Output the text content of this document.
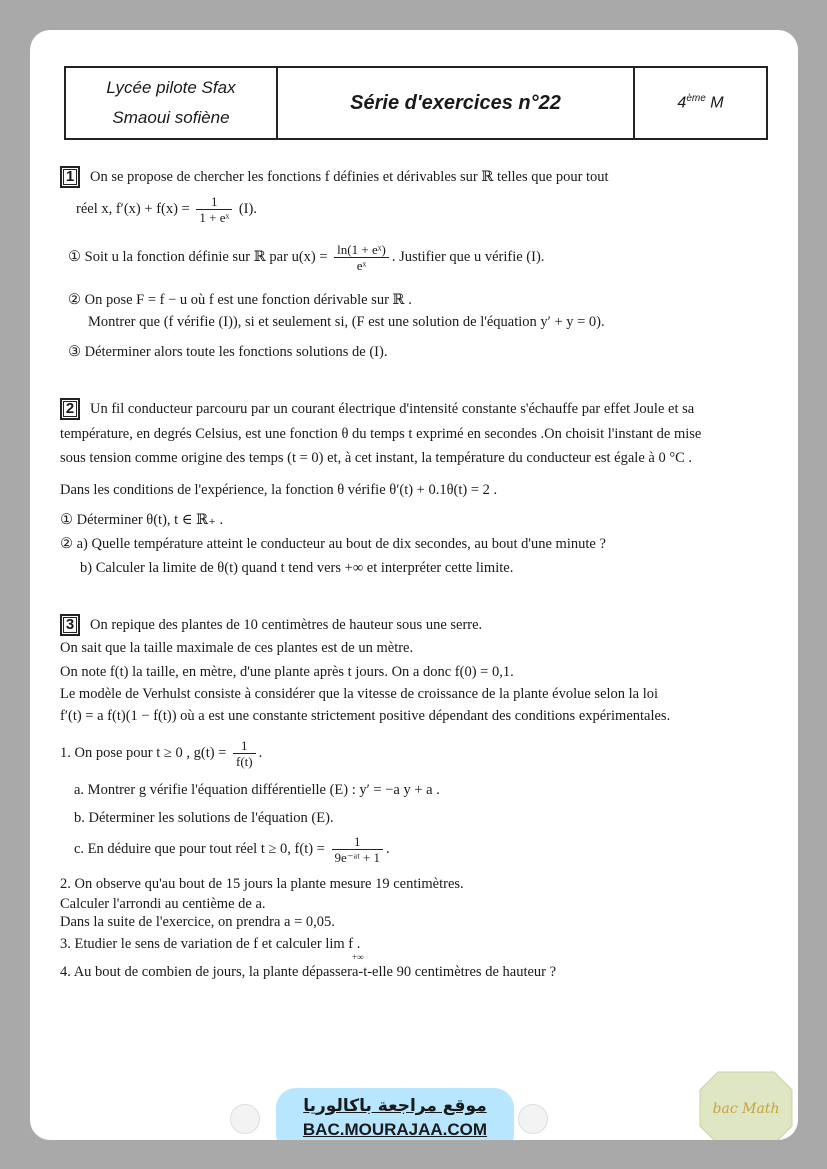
Lycée pilote Sfax
Smaoui sofiène
Série d'exercices n°22	4ème M
1 On se propose de chercher les fonctions f définies et dérivables sur ℝ telles que pour tout
réel x, $f'(x) + f(x) = \frac{1}{\text{1 + eˣ}} (I)$.
① Soit u la fonction définie sur ℝ par $u(x) = \frac{\text{ln(1 + eˣ)}}{\text{eˣ}}$ . Justifier que u vérifie (I).
② On pose F = f − u où f est une fonction dérivable sur ℝ .
Montrer que (f vérifie (I)), si et seulement si, (F est une solution de l'équation y′ + y = 0).
③ Déterminer alors toute les fonctions solutions de (I).
2 Un fil conducteur parcouru par un courant électrique d'intensité constante s'échauffe par effet Joule et sa
température, en degrés Celsius, est une fonction θ du temps t exprimé en secondes .On choisit l'instant de mise
sous tension comme origine des temps (t = 0) et, à cet instant, la température du conducteur est égale à 0 °C .
Dans les conditions de l'expérience, la fonction θ vérifie θ′(t) + 0.1θ(t) = 2 .
① Déterminer θ(t), t ∈ ℝ₊ .
② a) Quelle température atteint le conducteur au bout de dix secondes, au bout d'une minute ?
b) Calculer la limite de θ(t) quand t tend vers +∞ et interpréter cette limite.
3 On repique des plantes de 10 centimètres de hauteur sous une serre.
On sait que la taille maximale de ces plantes est de un mètre.
On note f(t) la taille, en mètre, d'une plante après t jours. On a donc f(0) = 0,1.
Le modèle de Verhulst consiste à considérer que la vitesse de croissance de la plante évolue selon la loi
f′(t) = a f(t)(1 − f(t)) où a est une constante strictement positive dépendant des conditions expérimentales.
1. On pose pour t ≥ 0 , $g(t) = \frac{1}{f(t)}$ .
a. Montrer g vérifie l'équation différentielle (E) : y′ = −a y + a .
b. Déterminer les solutions de l'équation (E).
c. En déduire que pour tout réel t ≥ 0, $f(t) = \frac{1}{\text{9e⁻ᵃᵗ + 1}}$ .
2. On observe qu'au bout de 15 jours la plante mesure 19 centimètres.
Calculer l'arrondi au centième de a.
Dans la suite de l'exercice, on prendra a = 0,05.
3. Etudier le sens de variation de f et calculer lim f .
+∞
4. Au bout de combien de jours, la plante dépassera-t-elle 90 centimètres de hauteur ?
موقع مراجعة باكالوريا
BAC.MOURAJAA.COM
bac Math
